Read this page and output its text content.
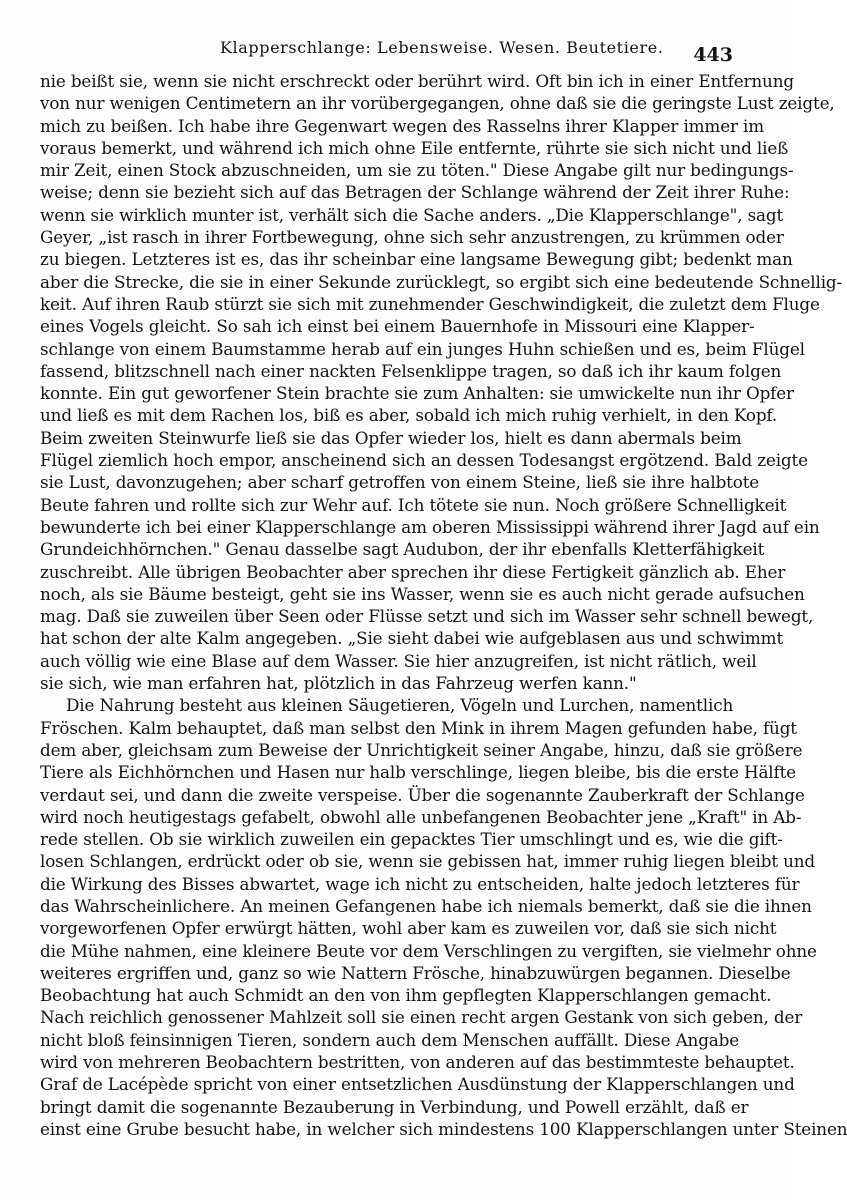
Klapperschlange: Lebensweise. Wesen. Beutetiere. 443
nie beißt sie, wenn sie nicht erschreckt oder berührt wird. Oft bin ich in einer Entfernung
von nur wenigen Centimetern an ihr vorübergegangen, ohne daß sie die geringste Lust zeigte,
mich zu beißen. Ich habe ihre Gegenwart wegen des Rasselns ihrer Klapper immer im
voraus bemerkt, und während ich mich ohne Eile entfernte, rührte sie sich nicht und ließ
mir Zeit, einen Stock abzuschneiden, um sie zu töten." Diese Angabe gilt nur bedingungs-
weise; denn sie bezieht sich auf das Betragen der Schlange während der Zeit ihrer Ruhe:
wenn sie wirklich munter ist, verhält sich die Sache anders. „Die Klapperschlange", sagt
Geyer, „ist rasch in ihrer Fortbewegung, ohne sich sehr anzustrengen, zu krümmen oder
zu biegen. Letzteres ist es, das ihr scheinbar eine langsame Bewegung gibt; bedenkt man
aber die Strecke, die sie in einer Sekunde zurücklegt, so ergibt sich eine bedeutende Schnellig-
keit. Auf ihren Raub stürzt sie sich mit zunehmender Geschwindigkeit, die zuletzt dem Fluge
eines Vogels gleicht. So sah ich einst bei einem Bauernhofe in Missouri eine Klapper-
schlange von einem Baumstamme herab auf ein junges Huhn schießen und es, beim Flügel
fassend, blitzschnell nach einer nackten Felsenklippe tragen, so daß ich ihr kaum folgen
konnte. Ein gut geworfener Stein brachte sie zum Anhalten: sie umwickelte nun ihr Opfer
und ließ es mit dem Rachen los, biß es aber, sobald ich mich ruhig verhielt, in den Kopf.
Beim zweiten Steinwurfe ließ sie das Opfer wieder los, hielt es dann abermals beim
Flügel ziemlich hoch empor, anscheinend sich an dessen Todesangst ergötzend. Bald zeigte
sie Lust, davonzugehen; aber scharf getroffen von einem Steine, ließ sie ihre halbtote
Beute fahren und rollte sich zur Wehr auf. Ich tötete sie nun. Noch größere Schnelligkeit
bewunderte ich bei einer Klapperschlange am oberen Mississippi während ihrer Jagd auf ein
Grundeichhörnchen." Genau dasselbe sagt Audubon, der ihr ebenfalls Kletterfähigkeit
zuschreibt. Alle übrigen Beobachter aber sprechen ihr diese Fertigkeit gänzlich ab. Eher
noch, als sie Bäume besteigt, geht sie ins Wasser, wenn sie es auch nicht gerade aufsuchen
mag. Daß sie zuweilen über Seen oder Flüsse setzt und sich im Wasser sehr schnell bewegt,
hat schon der alte Kalm angegeben. „Sie sieht dabei wie aufgeblasen aus und schwimmt
auch völlig wie eine Blase auf dem Wasser. Sie hier anzugreifen, ist nicht rätlich, weil
sie sich, wie man erfahren hat, plötzlich in das Fahrzeug werfen kann."
Die Nahrung besteht aus kleinen Säugetieren, Vögeln und Lurchen, namentlich
Fröschen. Kalm behauptet, daß man selbst den Mink in ihrem Magen gefunden habe, fügt
dem aber, gleichsam zum Beweise der Unrichtigkeit seiner Angabe, hinzu, daß sie größere
Tiere als Eichhörnchen und Hasen nur halb verschlinge, liegen bleibe, bis die erste Hälfte
verdaut sei, und dann die zweite verspeise. Über die sogenannte Zauberkraft der Schlange
wird noch heutigestags gefabelt, obwohl alle unbefangenen Beobachter jene „Kraft" in Ab-
rede stellen. Ob sie wirklich zuweilen ein gepacktes Tier umschlingt und es, wie die gift-
losen Schlangen, erdrückt oder ob sie, wenn sie gebissen hat, immer ruhig liegen bleibt und
die Wirkung des Bisses abwartet, wage ich nicht zu entscheiden, halte jedoch letzteres für
das Wahrscheinlichere. An meinen Gefangenen habe ich niemals bemerkt, daß sie die ihnen
vorgeworfenen Opfer erwürgt hätten, wohl aber kam es zuweilen vor, daß sie sich nicht
die Mühe nahmen, eine kleinere Beute vor dem Verschlingen zu vergiften, sie vielmehr ohne
weiteres ergriffen und, ganz so wie Nattern Frösche, hinabzuwürgen begannen. Dieselbe
Beobachtung hat auch Schmidt an den von ihm gepflegten Klapperschlangen gemacht.
Nach reichlich genossener Mahlzeit soll sie einen recht argen Gestank von sich geben, der
nicht bloß feinsinnigen Tieren, sondern auch dem Menschen auffällt. Diese Angabe
wird von mehreren Beobachtern bestritten, von anderen auf das bestimmteste behauptet.
Graf de Lacépède spricht von einer entsetzlichen Ausdünstung der Klapperschlangen und
bringt damit die sogenannte Bezauberung in Verbindung, und Powell erzählt, daß er
einst eine Grube besucht habe, in welcher sich mindestens 100 Klapperschlangen unter Steinen
